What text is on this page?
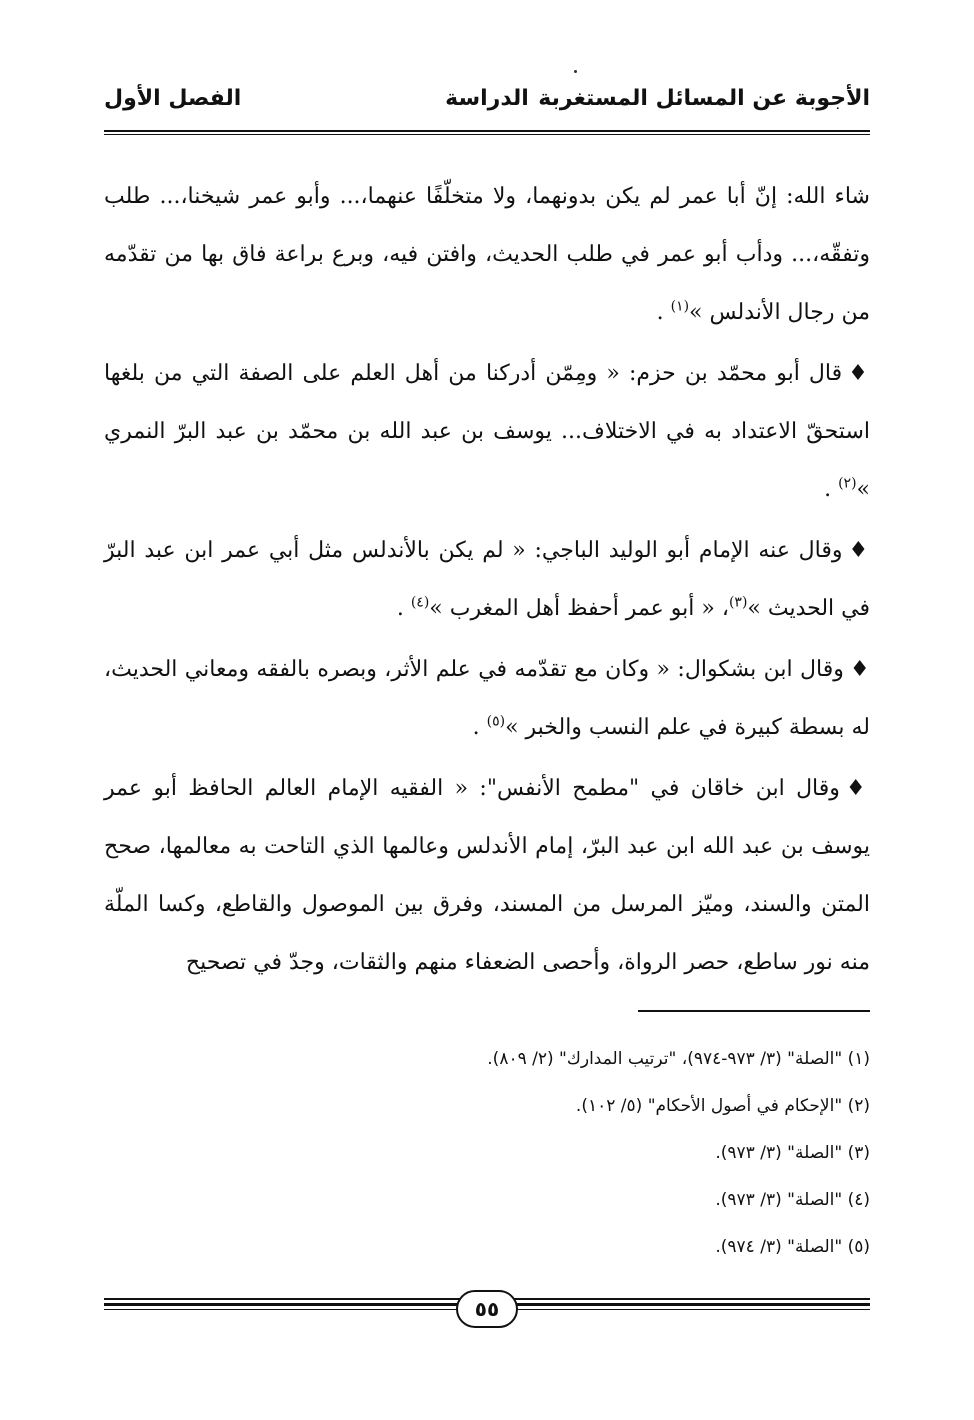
الأجوبة عن المسائل المستغربة
الدراسة
الفصل الأول

شاء الله: إنّ أبا عمر لم يكن بدونهما، ولا متخلّفًا عنهما،... وأبو عمر شيخنا،... طلب وتفقّه،... ودأب أبو عمر في طلب الحديث، وافتن فيه، وبرع براعة فاق بها من تقدّمه من رجال الأندلس »$^{(١)}$ .

♦قال أبو محمّد بن حزم: « ومِمّن أدركنا من أهل العلم على الصفة التي من بلغها استحقّ الاعتداد به في الاختلاف... يوسف بن عبد الله بن محمّد بن عبد البرّ النمري »$^{(٢)}$ .

♦وقال عنه الإمام أبو الوليد الباجي: « لم يكن بالأندلس مثل أبي عمر ابن عبد البرّ في الحديث »$^{(٣)}$، « أبو عمر أحفظ أهل المغرب »$^{(٤)}$ .

♦وقال ابن بشكوال: « وكان مع تقدّمه في علم الأثر، وبصره بالفقه ومعاني الحديث، له بسطة كبيرة في علم النسب والخبر »$^{(٥)}$ .

♦وقال ابن خاقان في "مطمح الأنفس": « الفقيه الإمام العالم الحافظ أبو عمر يوسف بن عبد الله ابن عبد البرّ، إمام الأندلس وعالمها الذي التاحت به معالمها، صحح المتن والسند، وميّز المرسل من المسند، وفرق بين الموصول والقاطع، وكسا الملّة منه نور ساطع، حصر الرواة، وأحصى الضعفاء منهم والثقات، وجدّ في تصحيح

(١) "الصلة" (٣/ ٩٧٣-٩٧٤)، "ترتيب المدارك" (٢/ ٨٠٩).

(٢) "الإحكام في أصول الأحكام" (٥/ ١٠٢).

(٣) "الصلة" (٣/ ٩٧٣).

(٤) "الصلة" (٣/ ٩٧٣).

(٥) "الصلة" (٣/ ٩٧٤).

٥٥
